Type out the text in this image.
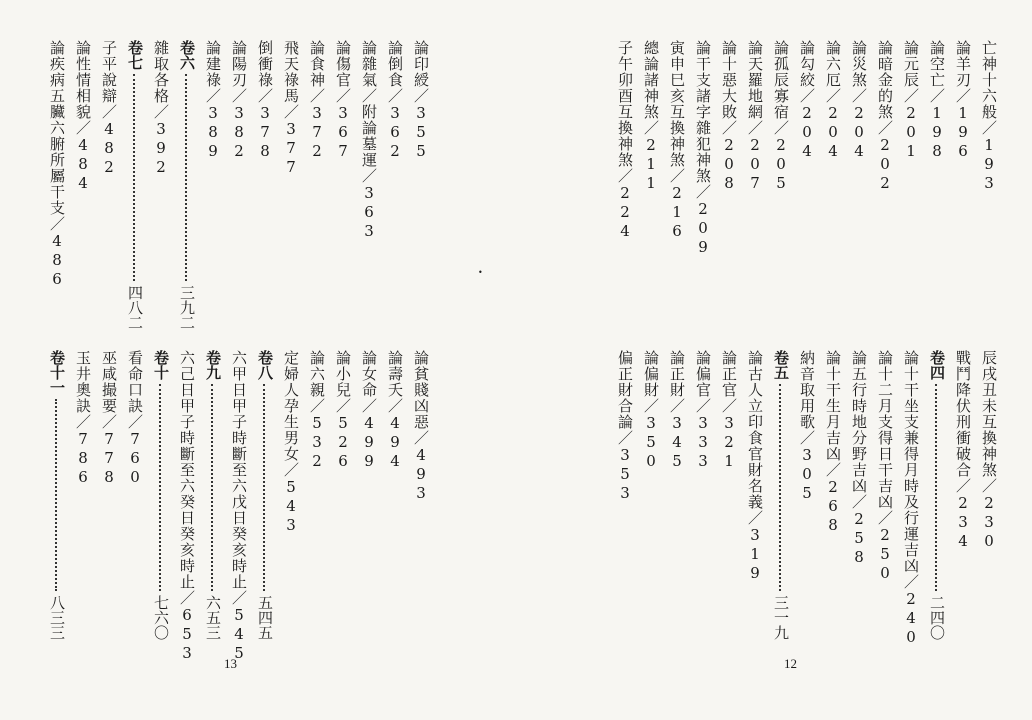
亡神十六般／193
論羊刃／196
論空亡／198
論元辰／201
論暗金的煞／202
論災煞／204
論六厄／204
論勾絞／204
論孤辰寡宿／205
論天羅地網／207
論十惡大敗／208
論干支諸字雜犯神煞／209
寅申巳亥互換神煞／216
總論諸神煞／211
子午卯酉互換神煞／224
辰戌丑未互換神煞／230
戰鬥降伏刑衝破合／234
卷四
二四〇
論十干坐支兼得月時及行運吉凶／240
論十二月支得日干吉凶／250
論五行時地分野吉凶／258
論十干生月吉凶／268
納音取用歌／305
卷五
三一九
論古人立印食官財名義／319
論正官／321
論偏官／333
論正財／345
論偏財／350
偏正財合論／353
12
論印綬／355
論倒食／362
論雜氣／附論墓運／363
論傷官／367
論食神／372
飛天祿馬／377
倒衝祿／378
論陽刃／382
論建祿／389
卷六
三九二
雜取各格／392
卷七
四八二
子平說辯／482
論性情相貌／484
論疾病五臟六腑所屬干支／486
論貧賤凶惡／493
論壽夭／494
論女命／499
論小兒／526
論六親／532
定婦人孕生男女／543
卷八
五四五
六甲日甲子時斷至六戊日癸亥時止／545
卷九
六五三
六己日甲子時斷至六癸日癸亥時止／653
卷十
七六〇
看命口訣／760
巫咸撮要／778
玉井奧訣／786
卷十一
八三三
13
•
